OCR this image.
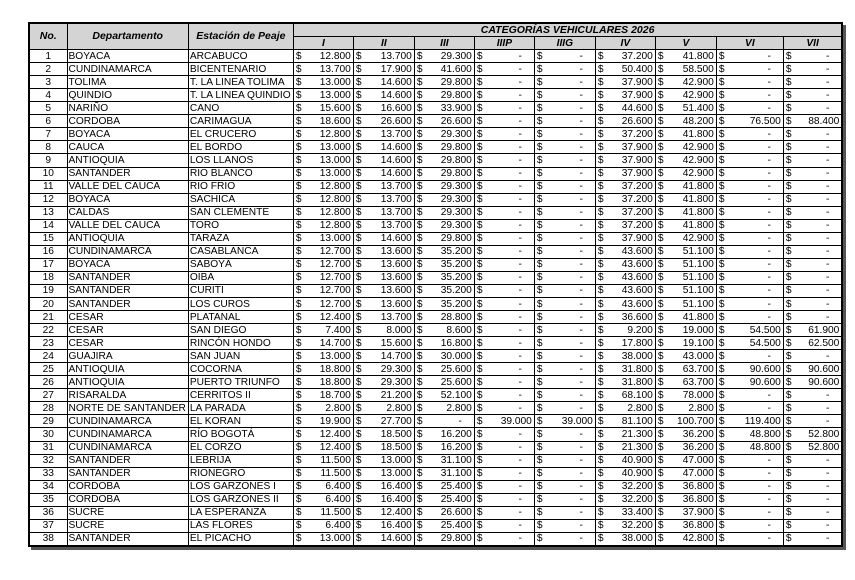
No.	Departamento	Estación de Peaje	CATEGORÍAS VEHICULARES 2026								
			I	II	III	IIIP	IIIG	IV	V	VI	VII
1	BOYACA	ARCABUCO	$ 12.800	$ 13.700	$ 29.300	$ -	$ -	$ 37.200	$ 41.800	$ -	$ -

2	CUNDINAMARCA	BICENTENARIO	$ 13.700	$ 17.900	$ 41.600	$ -	$ -	$ 50.400	$ 58.500	$ -	$ -

3	TOLIMA	T. LA LINEA TOLIMA	$ 13.000	$ 14.600	$ 29.800	$ -	$ -	$ 37.900	$ 42.900	$ -	$ -

4	QUINDIO	T. LA LINEA QUINDIO	$ 13.000	$ 14.600	$ 29.800	$ -	$ -	$ 37.900	$ 42.900	$ -	$ -

5	NARIÑO	CANO	$ 15.600	$ 16.600	$ 33.900	$ -	$ -	$ 44.600	$ 51.400	$ -	$ -

6	CORDOBA	CARIMAGUA	$ 18.600	$ 26.600	$ 26.600	$ -	$ -	$ 26.600	$ 48.200	$ 76.500	$ 88.400

7	BOYACA	EL CRUCERO	$ 12.800	$ 13.700	$ 29.300	$ -	$ -	$ 37.200	$ 41.800	$ -	$ -

8	CAUCA	EL BORDO	$ 13.000	$ 14.600	$ 29.800	$ -	$ -	$ 37.900	$ 42.900	$ -	$ -

9	ANTIOQUIA	LOS LLANOS	$ 13.000	$ 14.600	$ 29.800	$ -	$ -	$ 37.900	$ 42.900	$ -	$ -

10	SANTANDER	RIO BLANCO	$ 13.000	$ 14.600	$ 29.800	$ -	$ -	$ 37.900	$ 42.900	$ -	$ -

11	VALLE DEL CAUCA	RIO FRIO	$ 12.800	$ 13.700	$ 29.300	$ -	$ -	$ 37.200	$ 41.800	$ -	$ -

12	BOYACA	SACHICA	$ 12.800	$ 13.700	$ 29.300	$ -	$ -	$ 37.200	$ 41.800	$ -	$ -

13	CALDAS	SAN CLEMENTE	$ 12.800	$ 13.700	$ 29.300	$ -	$ -	$ 37.200	$ 41.800	$ -	$ -

14	VALLE DEL CAUCA	TORO	$ 12.800	$ 13.700	$ 29.300	$ -	$ -	$ 37.200	$ 41.800	$ -	$ -

15	ANTIOQUIA	TARAZA	$ 13.000	$ 14.600	$ 29.800	$ -	$ -	$ 37.900	$ 42.900	$ -	$ -

16	CUNDINAMARCA	CASABLANCA	$ 12.700	$ 13.600	$ 35.200	$ -	$ -	$ 43.600	$ 51.100	$ -	$ -

17	BOYACA	SABOYÁ	$ 12.700	$ 13.600	$ 35.200	$ -	$ -	$ 43.600	$ 51.100	$ -	$ -

18	SANTANDER	OIBA	$ 12.700	$ 13.600	$ 35.200	$ -	$ -	$ 43.600	$ 51.100	$ -	$ -

19	SANTANDER	CURITI	$ 12.700	$ 13.600	$ 35.200	$ -	$ -	$ 43.600	$ 51.100	$ -	$ -

20	SANTANDER	LOS CUROS	$ 12.700	$ 13.600	$ 35.200	$ -	$ -	$ 43.600	$ 51.100	$ -	$ -

21	CESAR	PLATANAL	$ 12.400	$ 13.700	$ 28.800	$ -	$ -	$ 36.600	$ 41.800	$ -	$ -

22	CESAR	SAN DIEGO	$ 7.400	$ 8.000	$ 8.600	$ -	$ -	$ 9.200	$ 19.000	$ 54.500	$ 61.900

23	CESAR	RINCÓN HONDO	$ 14.700	$ 15.600	$ 16.800	$ -	$ -	$ 17.800	$ 19.100	$ 54.500	$ 62.500

24	GUAJIRA	SAN JUAN	$ 13.000	$ 14.700	$ 30.000	$ -	$ -	$ 38.000	$ 43.000	$ -	$ -

25	ANTIOQUIA	COCORNA	$ 18.800	$ 29.300	$ 25.600	$ -	$ -	$ 31.800	$ 63.700	$ 90.600	$ 90.600

26	ANTIOQUIA	PUERTO TRIUNFO	$ 18.800	$ 29.300	$ 25.600	$ -	$ -	$ 31.800	$ 63.700	$ 90.600	$ 90.600

27	RISARALDA	CERRITOS II	$ 18.700	$ 21.200	$ 52.100	$ -	$ -	$ 68.100	$ 78.000	$ -	$ -

28	NORTE DE SANTANDER	LA PARADA	$ 2.800	$ 2.800	$ 2.800	$ -	$ -	$ 2.800	$ 2.800	$ -	$ -

29	CUNDINAMARCA	EL KORAN	$ 19.900	$ 27.700	$ -	$ 39.000	$ 39.000	$ 81.100	$ 100.700	$ 119.400	$ -

30	CUNDINAMARCA	RÍO BOGOTÁ	$ 12.400	$ 18.500	$ 16.200	$ -	$ -	$ 21.300	$ 36.200	$ 48.800	$ 52.800

31	CUNDINAMARCA	EL CORZO	$ 12.400	$ 18.500	$ 16.200	$ -	$ -	$ 21.300	$ 36.200	$ 48.800	$ 52.800

32	SANTANDER	LEBRIJA	$ 11.500	$ 13.000	$ 31.100	$ -	$ -	$ 40.900	$ 47.000	$ -	$ -

33	SANTANDER	RIONEGRO	$ 11.500	$ 13.000	$ 31.100	$ -	$ -	$ 40.900	$ 47.000	$ -	$ -

34	CORDOBA	LOS GARZONES I	$ 6.400	$ 16.400	$ 25.400	$ -	$ -	$ 32.200	$ 36.800	$ -	$ -

35	CORDOBA	LOS GARZONES II	$ 6.400	$ 16.400	$ 25.400	$ -	$ -	$ 32.200	$ 36.800	$ -	$ -

36	SUCRE	LA ESPERANZA	$ 11.500	$ 12.400	$ 26.600	$ -	$ -	$ 33.400	$ 37.900	$ -	$ -

37	SUCRE	LAS FLORES	$ 6.400	$ 16.400	$ 25.400	$ -	$ -	$ 32.200	$ 36.800	$ -	$ -

38	SANTANDER	EL PICACHO	$ 13.000	$ 14.600	$ 29.800	$ -	$ -	$ 38.000	$ 42.800	$ -	$ -
